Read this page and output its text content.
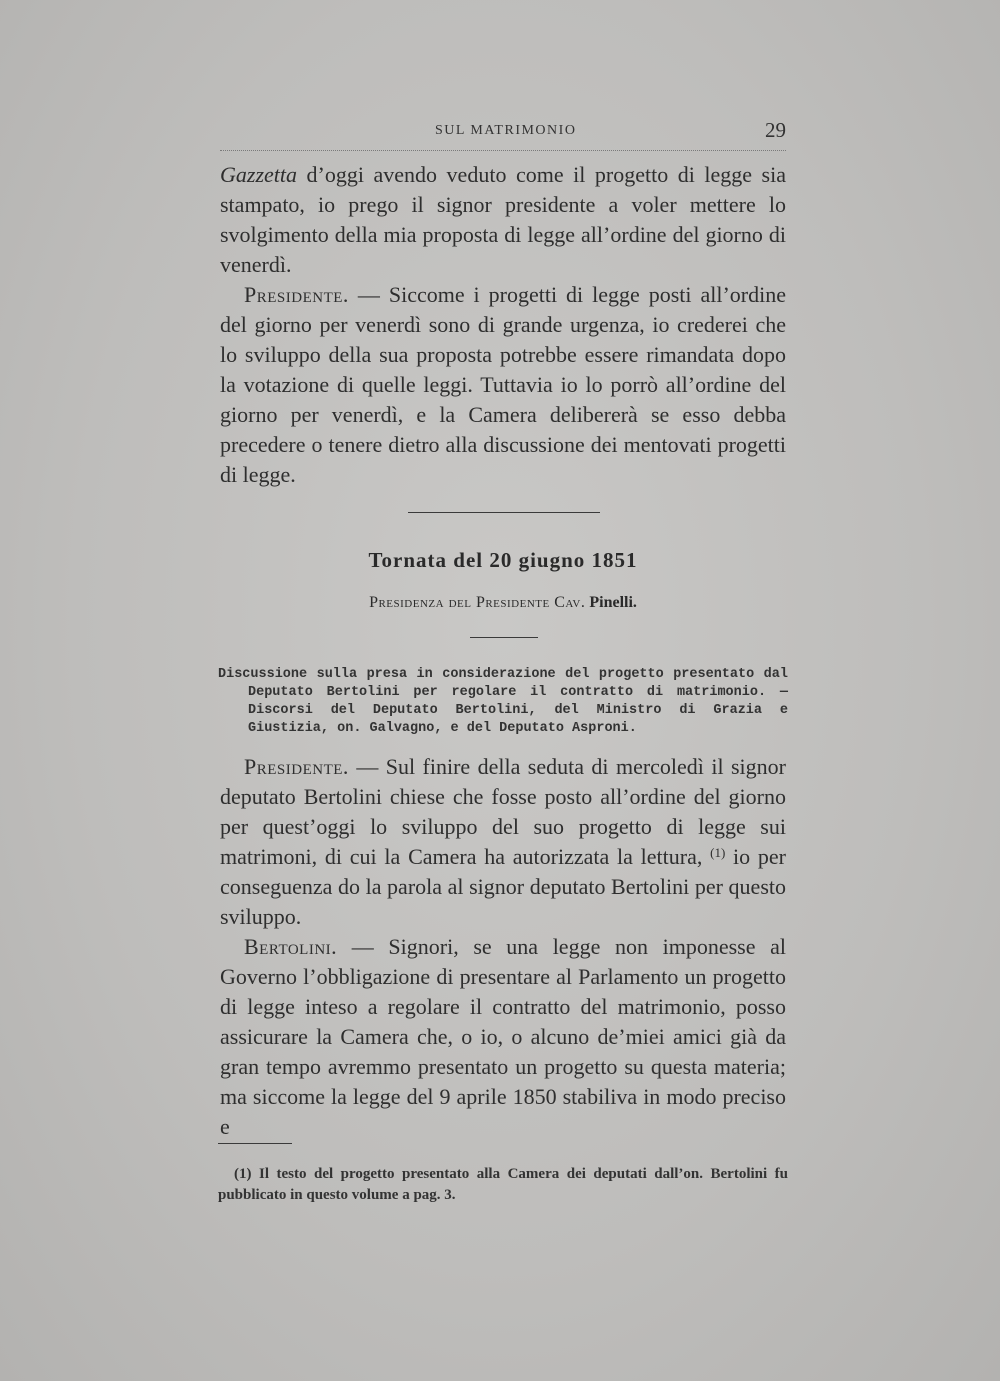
SUL MATRIMONIO	29

Gazzetta d’oggi avendo veduto come il progetto di legge sia stampato, io prego il signor presidente a voler mettere lo svolgimento della mia proposta di legge all’ordine del giorno di venerdì.

Presidente. — Siccome i progetti di legge posti all’ordine del giorno per venerdì sono di grande urgenza, io crederei che lo sviluppo della sua proposta potrebbe essere rimandata dopo la votazione di quelle leggi. Tuttavia io lo porrò all’ordine del giorno per venerdì, e la Camera delibererà se esso debba precedere o tenere dietro alla discussione dei mentovati progetti di legge.

Tornata del 20 giugno 1851
Presidenza del Presidente Cav. Pinelli.

Discussione sulla presa in considerazione del progetto presentato dal Deputato Bertolini per regolare il contratto di matrimonio. — Discorsi del Deputato Bertolini, del Ministro di Grazia e Giustizia, on. Galvagno, e del Deputato Asproni.

Presidente. — Sul finire della seduta di mercoledì il signor deputato Bertolini chiese che fosse posto all’ordine del giorno per quest’oggi lo sviluppo del suo progetto di legge sui matrimoni, di cui la Camera ha autorizzata la lettura, $^{(1)}$ io per conseguenza do la parola al signor deputato Bertolini per questo sviluppo.

Bertolini. — Signori, se una legge non imponesse al Governo l’obbligazione di presentare al Parlamento un progetto di legge inteso a regolare il contratto del matrimonio, posso assicurare la Camera che, o io, o alcuno de’miei amici già da gran tempo avremmo presentato un progetto su questa materia; ma siccome la legge del 9 aprile 1850 stabiliva in modo preciso e

(1) Il testo del progetto presentato alla Camera dei deputati dall’on. Bertolini fu pubblicato in questo volume a pag. 3.
